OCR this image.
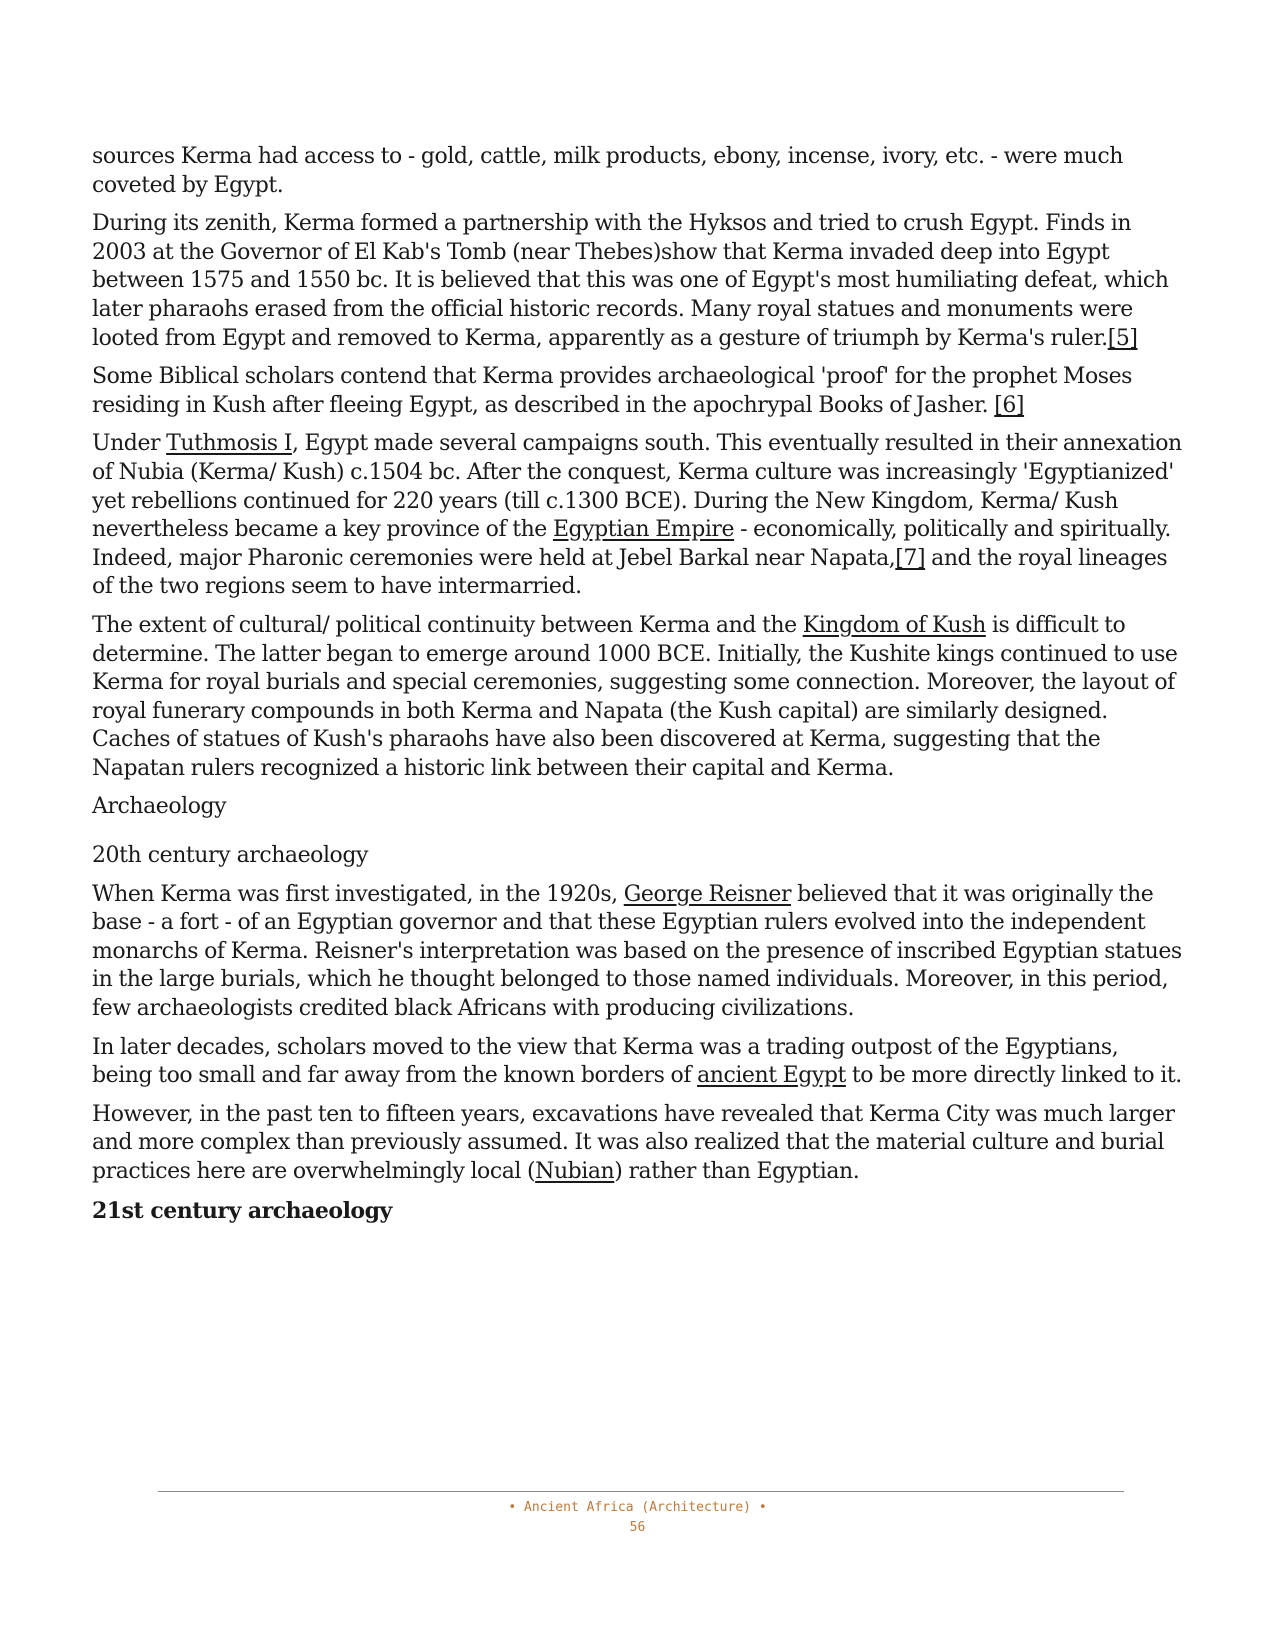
sources Kerma had access to - gold, cattle, milk products, ebony, incense, ivory, etc. - were much coveted by Egypt.

During its zenith, Kerma formed a partnership with the Hyksos and tried to crush Egypt. Finds in 2003 at the Governor of El Kab's Tomb (near Thebes)show that Kerma invaded deep into Egypt between 1575 and 1550 bc. It is believed that this was one of Egypt's most humiliating defeat, which later pharaohs erased from the official historic records. Many royal statues and monuments were looted from Egypt and removed to Kerma, apparently as a gesture of triumph by Kerma's ruler.[5]

Some Biblical scholars contend that Kerma provides archaeological 'proof' for the prophet Moses residing in Kush after fleeing Egypt, as described in the apochrypal Books of Jasher. [6]

Under Tuthmosis I, Egypt made several campaigns south. This eventually resulted in their annexation of Nubia (Kerma/ Kush) c.1504 bc. After the conquest, Kerma culture was increasingly 'Egyptianized' yet rebellions continued for 220 years (till c.1300 BCE). During the New Kingdom, Kerma/ Kush nevertheless became a key province of the Egyptian Empire - economically, politically and spiritually. Indeed, major Pharonic ceremonies were held at Jebel Barkal near Napata,[7] and the royal lineages of the two regions seem to have intermarried.

The extent of cultural/ political continuity between Kerma and the Kingdom of Kush is difficult to determine. The latter began to emerge around 1000 BCE. Initially, the Kushite kings continued to use Kerma for royal burials and special ceremonies, suggesting some connection. Moreover, the layout of royal funerary compounds in both Kerma and Napata (the Kush capital) are similarly designed. Caches of statues of Kush's pharaohs have also been discovered at Kerma, suggesting that the Napatan rulers recognized a historic link between their capital and Kerma.

Archaeology
20th century archaeology

When Kerma was first investigated, in the 1920s, George Reisner believed that it was originally the base - a fort - of an Egyptian governor and that these Egyptian rulers evolved into the independent monarchs of Kerma. Reisner's interpretation was based on the presence of inscribed Egyptian statues in the large burials, which he thought belonged to those named individuals. Moreover, in this period, few archaeologists credited black Africans with producing civilizations.

In later decades, scholars moved to the view that Kerma was a trading outpost of the Egyptians, being too small and far away from the known borders of ancient Egypt to be more directly linked to it.

However, in the past ten to fifteen years, excavations have revealed that Kerma City was much larger and more complex than previously assumed. It was also realized that the material culture and burial practices here are overwhelmingly local (Nubian) rather than Egyptian.

21st century archaeology
• Ancient Africa (Architecture) •
56
